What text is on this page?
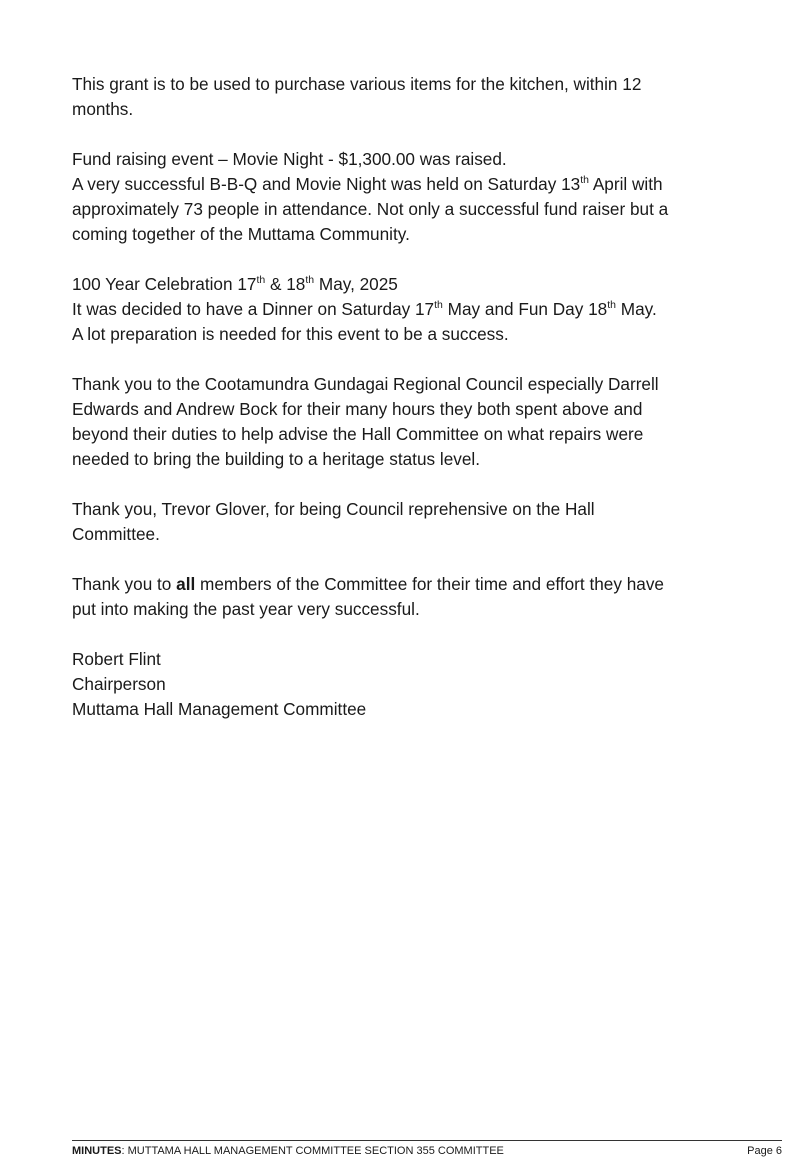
This grant is to be used to purchase various items for the kitchen, within 12
months.

Fund raising event – Movie Night - $1,300.00 was raised.
A very successful B-B-Q and Movie Night was held on Saturday 13th April with
approximately 73 people in attendance. Not only a successful fund raiser but a
coming together of the Muttama Community.

100 Year Celebration 17th & 18th May, 2025
It was decided to have a Dinner on Saturday 17th May and Fun Day 18th May.
A lot preparation is needed for this event to be a success.

Thank you to the Cootamundra Gundagai Regional Council especially Darrell
Edwards and Andrew Bock for their many hours they both spent above and
beyond their duties to help advise the Hall Committee on what repairs were
needed to bring the building to a heritage status level.

Thank you, Trevor Glover, for being Council reprehensive on the Hall
Committee.

Thank you to all members of the Committee for their time and effort they have
put into making the past year very successful.

Robert Flint
Chairperson
Muttama Hall Management Committee

MINUTES: MUTTAMA HALL MANAGEMENT COMMITTEE SECTION 355 COMMITTEE	Page 6
